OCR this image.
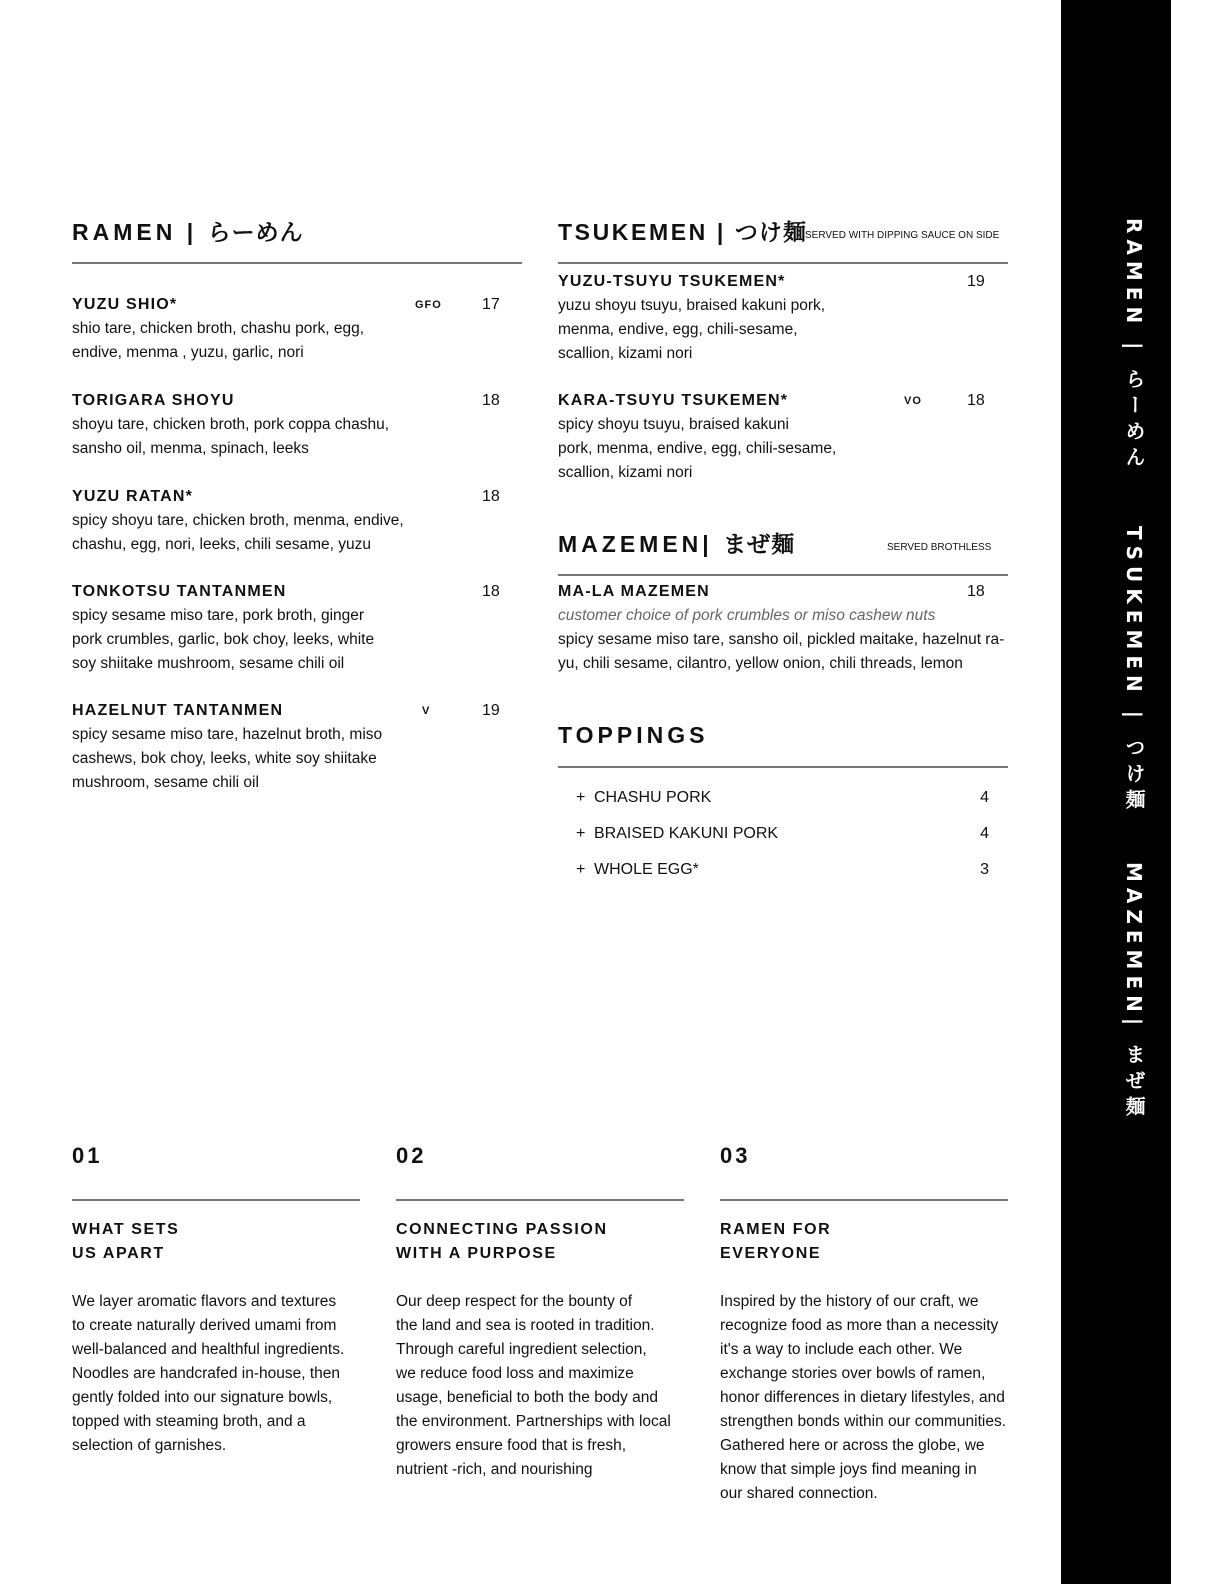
RAMEN | らーめん
TSUKEMEN | つけ麺
MAZEMEN| まぜ麺
RAMEN | らーめん
YUZU SHIO*	GFO	17
shio tare, chicken broth, chashu pork, egg,
endive, menma , yuzu, garlic, nori
TORIGARA SHOYU	18
shoyu tare, chicken broth, pork coppa chashu,
sansho oil, menma, spinach, leeks
YUZU RATAN*	18
spicy shoyu tare, chicken broth, menma, endive,
chashu, egg, nori, leeks, chili sesame, yuzu
TONKOTSU TANTANMEN	18
spicy sesame miso tare, pork broth, ginger
pork crumbles, garlic, bok choy, leeks, white
soy shiitake mushroom, sesame chili oil
HAZELNUT TANTANMEN	V	19
spicy sesame miso tare, hazelnut broth, miso
cashews, bok choy, leeks, white soy shiitake
mushroom, sesame chili oil
TSUKEMEN | つけ麺
SERVED WITH DIPPING SAUCE ON SIDE
YUZU-TSUYU TSUKEMEN*	19
yuzu shoyu tsuyu, braised kakuni pork,
menma, endive, egg, chili-sesame,
scallion, kizami nori
KARA-TSUYU TSUKEMEN*	VO	18
spicy shoyu tsuyu, braised kakuni
pork, menma, endive, egg, chili-sesame,
scallion, kizami nori
MAZEMEN| まぜ麺	SERVED BROTHLESS
MA-LA MAZEMEN	18
customer choice of pork crumbles or miso cashew nuts
spicy sesame miso tare, sansho oil, pickled maitake, hazelnut ra-
yu, chili sesame, cilantro, yellow onion, chili threads, lemon
TOPPINGS
+ CHASHU PORK	4
+ BRAISED KAKUNI PORK	4
+ WHOLE EGG*	3
01
WHAT SETS
US APART
We layer aromatic flavors and textures
to create naturally derived umami from
well-balanced and healthful ingredients.
Noodles are handcrafed in-house, then
gently folded into our signature bowls,
topped with steaming broth, and a
selection of garnishes.
02
CONNECTING PASSION
WITH A PURPOSE
Our deep respect for the bounty of
the land and sea is rooted in tradition.
Through careful ingredient selection,
we reduce food loss and maximize
usage, beneficial to both the body and
the environment. Partnerships with local
growers ensure food that is fresh,
nutrient -rich, and nourishing
03
RAMEN FOR
EVERYONE
Inspired by the history of our craft, we
recognize food as more than a necessity
it's a way to include each other. We
exchange stories over bowls of ramen,
honor differences in dietary lifestyles, and
strengthen bonds within our communities.
Gathered here or across the globe, we
know that simple joys find meaning in
our shared connection.
